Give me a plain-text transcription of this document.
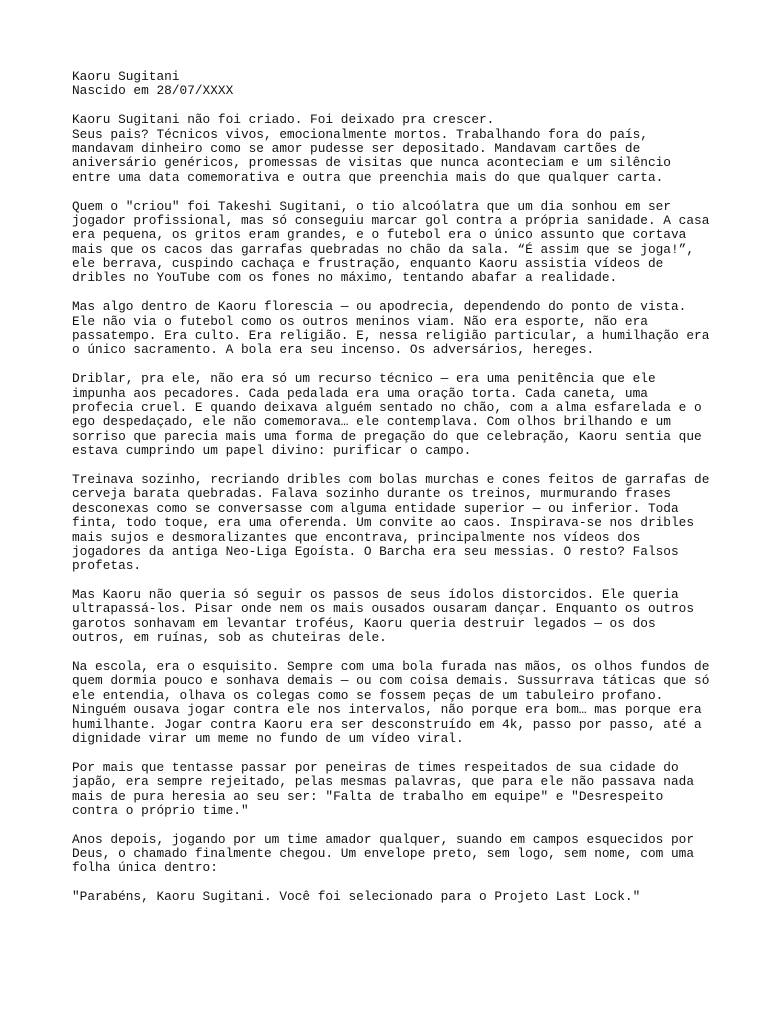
Kaoru Sugitani
Nascido em 28/07/XXXX
Kaoru Sugitani não foi criado. Foi deixado pra crescer.
Seus pais? Técnicos vivos, emocionalmente mortos. Trabalhando fora do país,
mandavam dinheiro como se amor pudesse ser depositado. Mandavam cartões de
aniversário genéricos, promessas de visitas que nunca aconteciam e um silêncio
entre uma data comemorativa e outra que preenchia mais do que qualquer carta.
Quem o "criou" foi Takeshi Sugitani, o tio alcoólatra que um dia sonhou em ser
jogador profissional, mas só conseguiu marcar gol contra a própria sanidade. A casa
era pequena, os gritos eram grandes, e o futebol era o único assunto que cortava
mais que os cacos das garrafas quebradas no chão da sala. “É assim que se joga!”,
ele berrava, cuspindo cachaça e frustração, enquanto Kaoru assistia vídeos de
dribles no YouTube com os fones no máximo, tentando abafar a realidade.
Mas algo dentro de Kaoru florescia — ou apodrecia, dependendo do ponto de vista.
Ele não via o futebol como os outros meninos viam. Não era esporte, não era
passatempo. Era culto. Era religião. E, nessa religião particular, a humilhação era
o único sacramento. A bola era seu incenso. Os adversários, hereges.
Driblar, pra ele, não era só um recurso técnico — era uma penitência que ele
impunha aos pecadores. Cada pedalada era uma oração torta. Cada caneta, uma
profecia cruel. E quando deixava alguém sentado no chão, com a alma esfarelada e o
ego despedaçado, ele não comemorava… ele contemplava. Com olhos brilhando e um
sorriso que parecia mais uma forma de pregação do que celebração, Kaoru sentia que
estava cumprindo um papel divino: purificar o campo.
Treinava sozinho, recriando dribles com bolas murchas e cones feitos de garrafas de
cerveja barata quebradas. Falava sozinho durante os treinos, murmurando frases
desconexas como se conversasse com alguma entidade superior — ou inferior. Toda
finta, todo toque, era uma oferenda. Um convite ao caos. Inspirava-se nos dribles
mais sujos e desmoralizantes que encontrava, principalmente nos vídeos dos
jogadores da antiga Neo-Liga Egoísta. O Barcha era seu messias. O resto? Falsos
profetas.
Mas Kaoru não queria só seguir os passos de seus ídolos distorcidos. Ele queria
ultrapassá-los. Pisar onde nem os mais ousados ousaram dançar. Enquanto os outros
garotos sonhavam em levantar troféus, Kaoru queria destruir legados — os dos
outros, em ruínas, sob as chuteiras dele.
Na escola, era o esquisito. Sempre com uma bola furada nas mãos, os olhos fundos de
quem dormia pouco e sonhava demais — ou com coisa demais. Sussurrava táticas que só
ele entendia, olhava os colegas como se fossem peças de um tabuleiro profano.
Ninguém ousava jogar contra ele nos intervalos, não porque era bom… mas porque era
humilhante. Jogar contra Kaoru era ser desconstruído em 4k, passo por passo, até a
dignidade virar um meme no fundo de um vídeo viral.
Por mais que tentasse passar por peneiras de times respeitados de sua cidade do
japão, era sempre rejeitado, pelas mesmas palavras, que para ele não passava nada
mais de pura heresia ao seu ser: "Falta de trabalho em equipe" e "Desrespeito
contra o próprio time."
Anos depois, jogando por um time amador qualquer, suando em campos esquecidos por
Deus, o chamado finalmente chegou. Um envelope preto, sem logo, sem nome, com uma
folha única dentro:
"Parabéns, Kaoru Sugitani. Você foi selecionado para o Projeto Last Lock."
